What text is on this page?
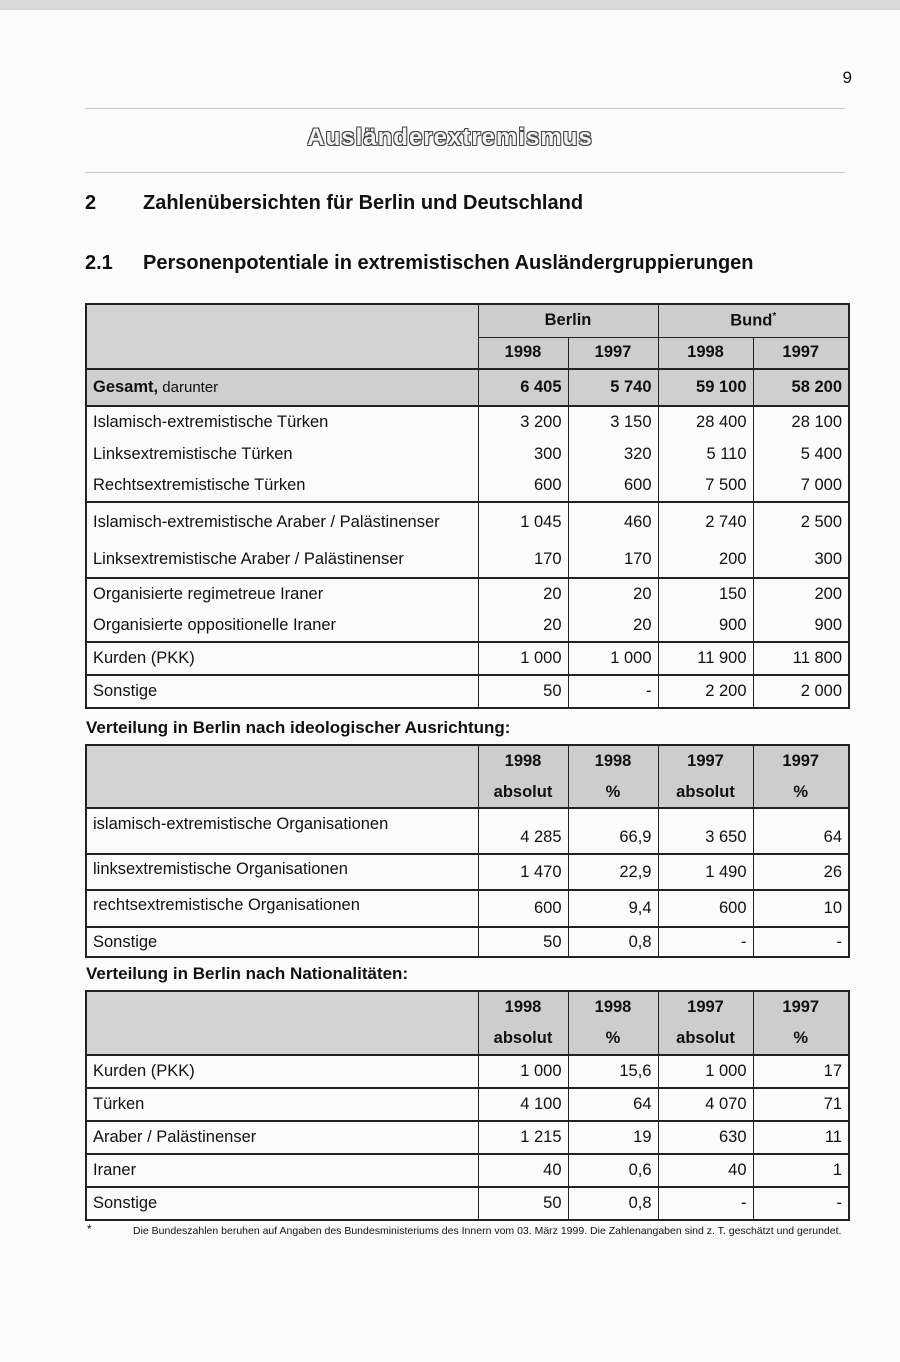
9
Ausländerextremismus
2 Zahlenübersichten für Berlin und Deutschland
2.1 Personenpotentiale in extremistischen Ausländergruppierungen
	Berlin		Bund*
	1998	1997	1998	1997
Gesamt, darunter	6 405	5 740	59 100	58 200
Islamisch-extremistische Türken	3 200	3 150	28 400	28 100
Linksextremistische Türken	300	320	5 110	5 400
Rechtsextremistische Türken	600	600	7 500	7 000
Islamisch-extremistische Araber / Palästinenser	1 045	460	2 740	2 500
Linksextremistische Araber / Palästinenser	170	170	200	300
Organisierte regimetreue Iraner	20	20	150	200
Organisierte oppositionelle Iraner	20	20	900	900
Kurden (PKK)	1 000	1 000	11 900	11 800
Sonstige	50	-	2 200	2 000
Verteilung in Berlin nach ideologischer Ausrichtung:
	1998	1998	1997	1997
	absolut	%	absolut	%
islamisch-extremistische Organisationen	4 285	66,9	3 650	64
linksextremistische Organisationen	1 470	22,9	1 490	26
rechtsextremistische Organisationen	600	9,4	600	10
Sonstige	50	0,8	-	-
Verteilung in Berlin nach Nationalitäten:
	1998	1998	1997	1997
	absolut	%	absolut	%
Kurden (PKK)	1 000	15,6	1 000	17
Türken	4 100	64	4 070	71
Araber / Palästinenser	1 215	19	630	11
Iraner	40	0,6	40	1
Sonstige	50	0,8	-	-
*	Die Bundeszahlen beruhen auf Angaben des Bundesministeriums des Innern vom 03. März 1999. Die Zahlenangaben sind z. T. geschätzt und gerundet.
